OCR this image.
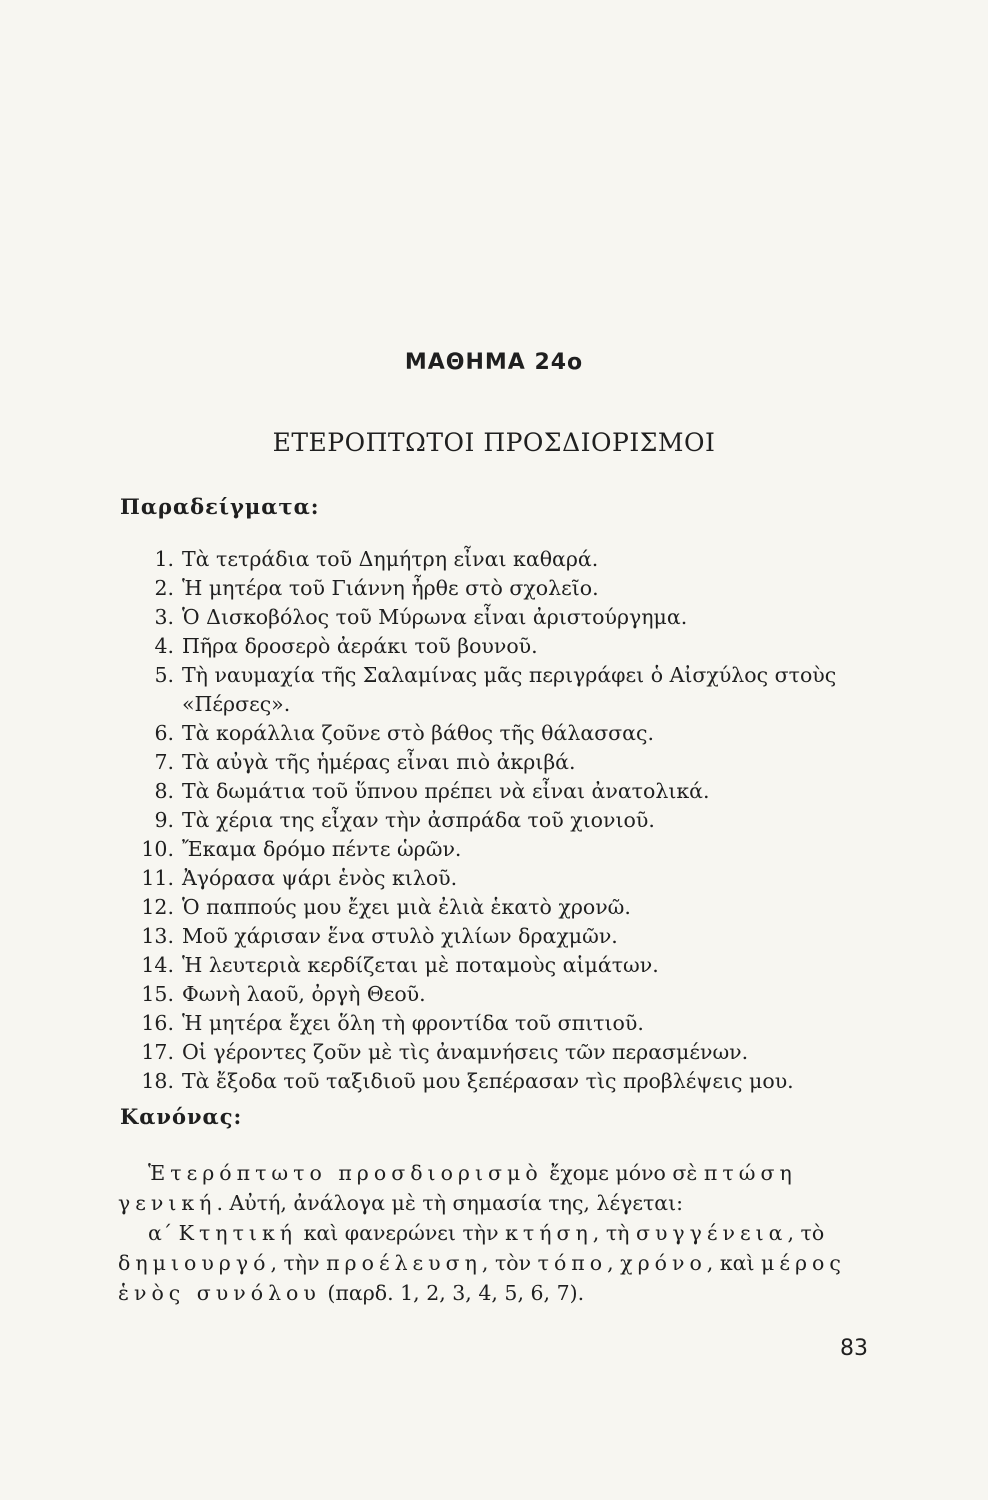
ΜΑΘΗΜΑ 24ο
ΕΤΕΡΟΠΤΩΤΟΙ ΠΡΟΣΔΙΟΡΙΣΜΟΙ
Παραδείγματα:
1. Τὰ τετράδια τοῦ Δημήτρη εἶναι καθαρά.
2. Ἡ μητέρα τοῦ Γιάννη ἦρθε στὸ σχολεῖο.
3. Ὁ Δισκοβόλος τοῦ Μύρωνα εἶναι ἀριστούργημα.
4. Πῆρα δροσερὸ ἀεράκι τοῦ βουνοῦ.
5. Τὴ ναυμαχία τῆς Σαλαμίνας μᾶς περιγράφει ὁ Αἰσχύλος στοὺς «Πέρσες».
6. Τὰ κοράλλια ζοῦνε στὸ βάθος τῆς θάλασσας.
7. Τὰ αὐγὰ τῆς ἡμέρας εἶναι πιὸ ἀκριβά.
8. Τὰ δωμάτια τοῦ ὕπνου πρέπει νὰ εἶναι ἀνατολικά.
9. Τὰ χέρια της εἶχαν τὴν ἀσπράδα τοῦ χιονιοῦ.
10. Ἔκαμα δρόμο πέντε ὡρῶν.
11. Ἀγόρασα ψάρι ἑνὸς κιλοῦ.
12. Ὁ παππούς μου ἔχει μιὰ ἐλιὰ ἑκατὸ χρονῶ.
13. Μοῦ χάρισαν ἕνα στυλὸ χιλίων δραχμῶν.
14. Ἡ λευτεριὰ κερδίζεται μὲ ποταμοὺς αἱμάτων.
15. Φωνὴ λαοῦ, ὀργὴ Θεοῦ.
16. Ἡ μητέρα ἔχει ὅλη τὴ φροντίδα τοῦ σπιτιοῦ.
17. Οἱ γέροντες ζοῦν μὲ τὶς ἀναμνήσεις τῶν περασμένων.
18. Τὰ ἔξοδα τοῦ ταξιδιοῦ μου ξεπέρασαν τὶς προβλέψεις μου.
Κανόνας:

Ἑτερόπτωτο προσδιορισμὸ ἔχομε μόνο σὲ πτώση γενική. Αὐτή, ἀνάλογα μὲ τὴ σημασία της, λέγεται:

α΄ Κτητική καὶ φανερώνει τὴν κτήση, τὴ συγγένεια, τὸ δημιουργό, τὴν προέλευση, τὸν τόπο, χρόνο, καὶ μέρος ἑνὸς συνόλου (παρδ. 1, 2, 3, 4, 5, 6, 7).

83
